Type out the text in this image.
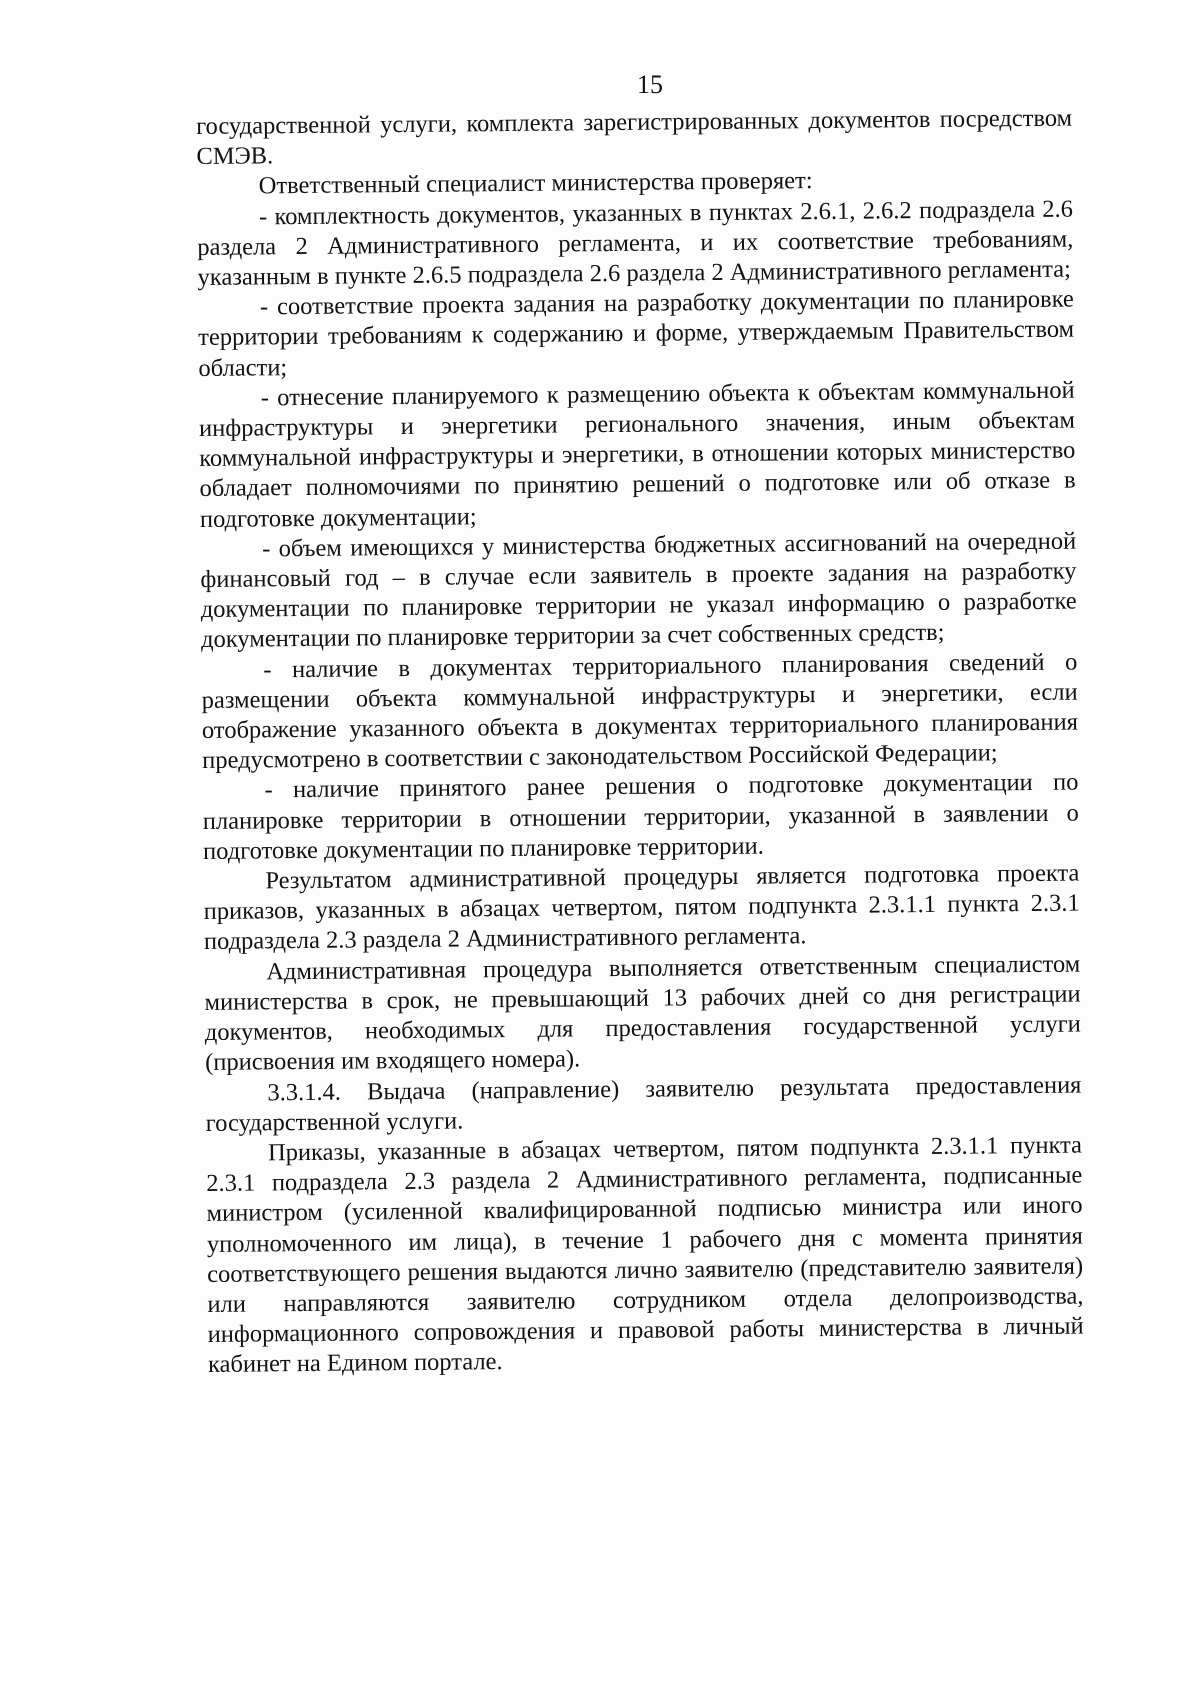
15

государственной услуги, комплекта зарегистрированных документов посредством СМЭВ.

Ответственный специалист министерства проверяет:

- комплектность документов, указанных в пунктах 2.6.1, 2.6.2 подраздела 2.6 раздела 2 Административного регламента, и их соответствие требованиям, указанным в пункте 2.6.5 подраздела 2.6 раздела 2 Административного регламента;

- соответствие проекта задания на разработку документации по планировке территории требованиям к содержанию и форме, утверждаемым Правительством области;

- отнесение планируемого к размещению объекта к объектам коммунальной инфраструктуры и энергетики регионального значения, иным объектам коммунальной инфраструктуры и энергетики, в отношении которых министерство обладает полномочиями по принятию решений о подготовке или об отказе в подготовке документации;

- объем имеющихся у министерства бюджетных ассигнований на очередной финансовый год – в случае если заявитель в проекте задания на разработку документации по планировке территории не указал информацию о разработке документации по планировке территории за счет собственных средств;

- наличие в документах территориального планирования сведений о размещении объекта коммунальной инфраструктуры и энергетики, если отображение указанного объекта в документах территориального планирования предусмотрено в соответствии с законодательством Российской Федерации;

- наличие принятого ранее решения о подготовке документации по планировке территории в отношении территории, указанной в заявлении о подготовке документации по планировке территории.

Результатом административной процедуры является подготовка проекта приказов, указанных в абзацах четвертом, пятом подпункта 2.3.1.1 пункта 2.3.1 подраздела 2.3 раздела 2 Административного регламента.

Административная процедура выполняется ответственным специалистом министерства в срок, не превышающий 13 рабочих дней со дня регистрации документов, необходимых для предоставления государственной услуги (присвоения им входящего номера).

3.3.1.4. Выдача (направление) заявителю результата предоставления государственной услуги.

Приказы, указанные в абзацах четвертом, пятом подпункта 2.3.1.1 пункта 2.3.1 подраздела 2.3 раздела 2 Административного регламента, подписанные министром (усиленной квалифицированной подписью министра или иного уполномоченного им лица), в течение 1 рабочего дня с момента принятия соответствующего решения выдаются лично заявителю (представителю заявителя) или направляются заявителю сотрудником отдела делопроизводства, информационного сопровождения и правовой работы министерства в личный кабинет на Едином портале.
